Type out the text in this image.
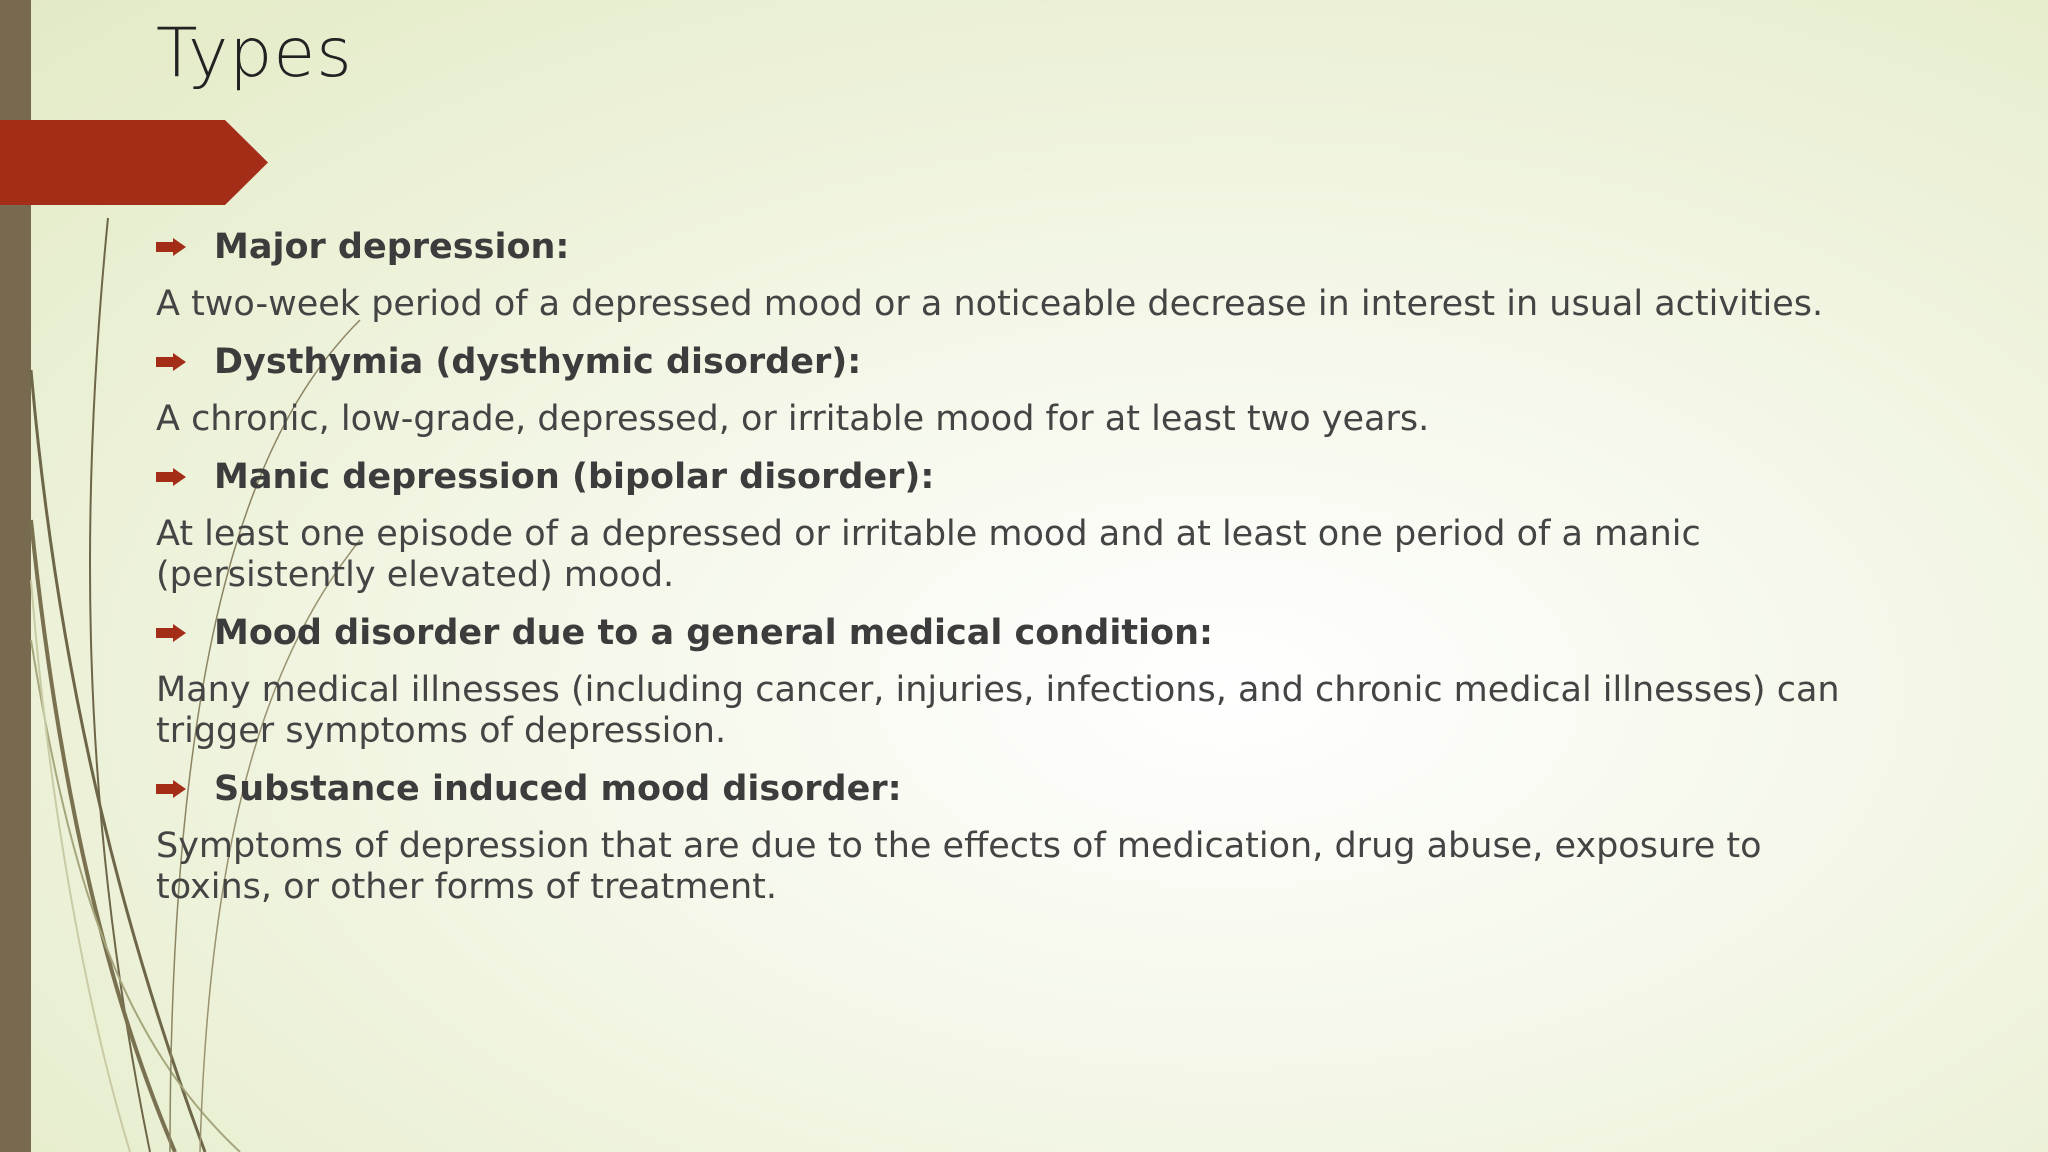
Types
Major depression:
A two-week period of a depressed mood or a noticeable decrease in interest in usual activities.
Dysthymia (dysthymic disorder):
A chronic, low-grade, depressed, or irritable mood for at least two years.
Manic depression (bipolar disorder):
At least one episode of a depressed or irritable mood and at least one period of a manic (persistently elevated) mood.
Mood disorder due to a general medical condition:
Many medical illnesses (including cancer, injuries, infections, and chronic medical illnesses) can trigger symptoms of depression.
Substance induced mood disorder:
Symptoms of depression that are due to the effects of medication, drug abuse, exposure to toxins, or other forms of treatment.
